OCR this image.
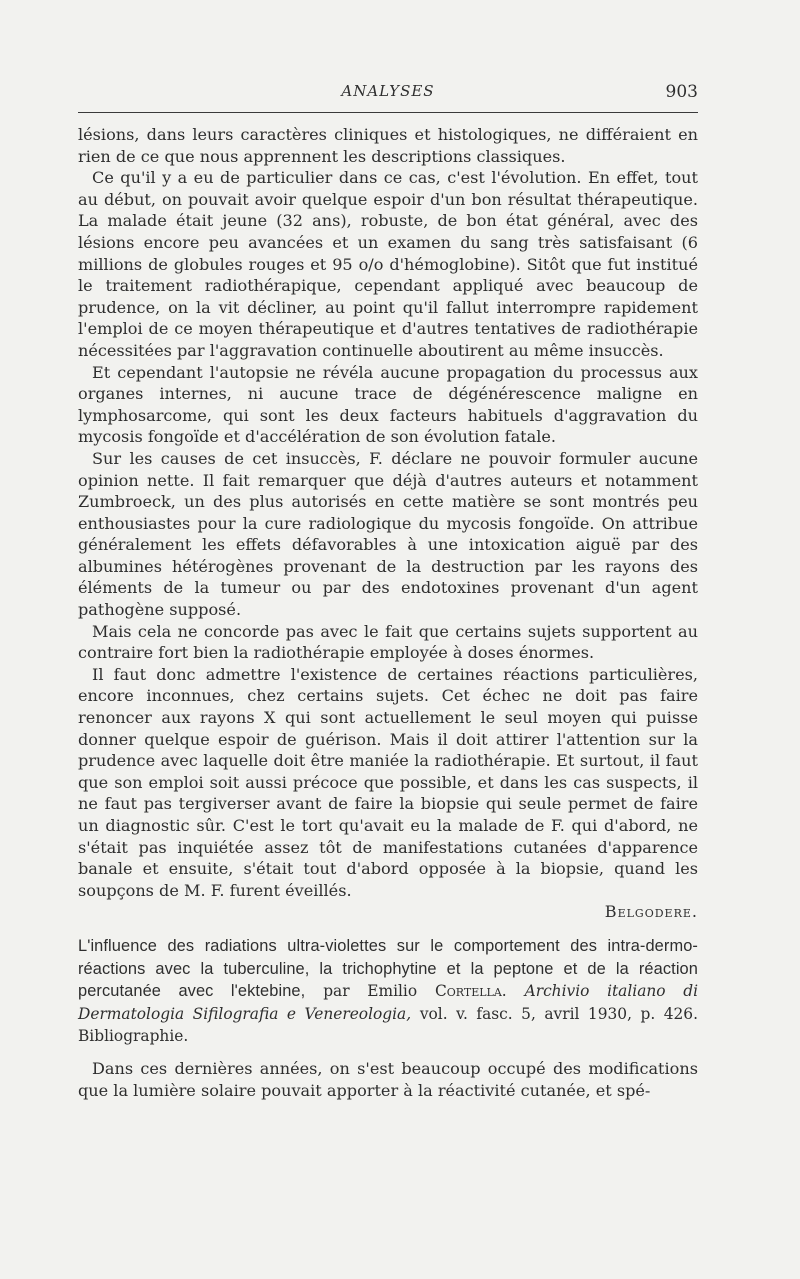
ANALYSES	903

lésions, dans leurs caractères cliniques et histologiques, ne différaient en rien de ce que nous apprennent les descriptions classiques.

Ce qu'il y a eu de particulier dans ce cas, c'est l'évolution. En effet, tout au début, on pouvait avoir quelque espoir d'un bon résultat thérapeutique. La malade était jeune (32 ans), robuste, de bon état général, avec des lésions encore peu avancées et un examen du sang très satisfaisant (6 millions de globules rouges et 95 o/o d'hémoglobine). Sitôt que fut institué le traitement radiothérapique, cependant appliqué avec beaucoup de prudence, on la vit décliner, au point qu'il fallut interrompre rapidement l'emploi de ce moyen thérapeutique et d'autres tentatives de radiothérapie nécessitées par l'aggravation continuelle aboutirent au même insuccès.

Et cependant l'autopsie ne révéla aucune propagation du processus aux organes internes, ni aucune trace de dégénérescence maligne en lymphosarcome, qui sont les deux facteurs habituels d'aggravation du mycosis fongoïde et d'accélération de son évolution fatale.

Sur les causes de cet insuccès, F. déclare ne pouvoir formuler aucune opinion nette. Il fait remarquer que déjà d'autres auteurs et notamment Zumbroeck, un des plus autorisés en cette matière se sont montrés peu enthousiastes pour la cure radiologique du mycosis fongoïde. On attribue généralement les effets défavorables à une intoxication aiguë par des albumines hétérogènes provenant de la destruction par les rayons des éléments de la tumeur ou par des endotoxines provenant d'un agent pathogène supposé.

Mais cela ne concorde pas avec le fait que certains sujets supportent au contraire fort bien la radiothérapie employée à doses énormes.

Il faut donc admettre l'existence de certaines réactions particulières, encore inconnues, chez certains sujets. Cet échec ne doit pas faire renoncer aux rayons X qui sont actuellement le seul moyen qui puisse donner quelque espoir de guérison. Mais il doit attirer l'attention sur la prudence avec laquelle doit être maniée la radiothérapie. Et surtout, il faut que son emploi soit aussi précoce que possible, et dans les cas suspects, il ne faut pas tergiverser avant de faire la biopsie qui seule permet de faire un diagnostic sûr. C'est le tort qu'avait eu la malade de F. qui d'abord, ne s'était pas inquiétée assez tôt de manifestations cutanées d'apparence banale et ensuite, s'était tout d'abord opposée à la biopsie, quand les soupçons de M. F. furent éveillés.

Belgodere.

L'influence des radiations ultra-violettes sur le comportement des intra-dermo-réactions avec la tuberculine, la trichophytine et la peptone et de la réaction percutanée avec l'ektebine, par Emilio Cortella. Archivio italiano di Dermatologia Sifilografia e Venereologia, vol. v. fasc. 5, avril 1930, p. 426. Bibliographie.

Dans ces dernières années, on s'est beaucoup occupé des modifications que la lumière solaire pouvait apporter à la réactivité cutanée, et spé-
